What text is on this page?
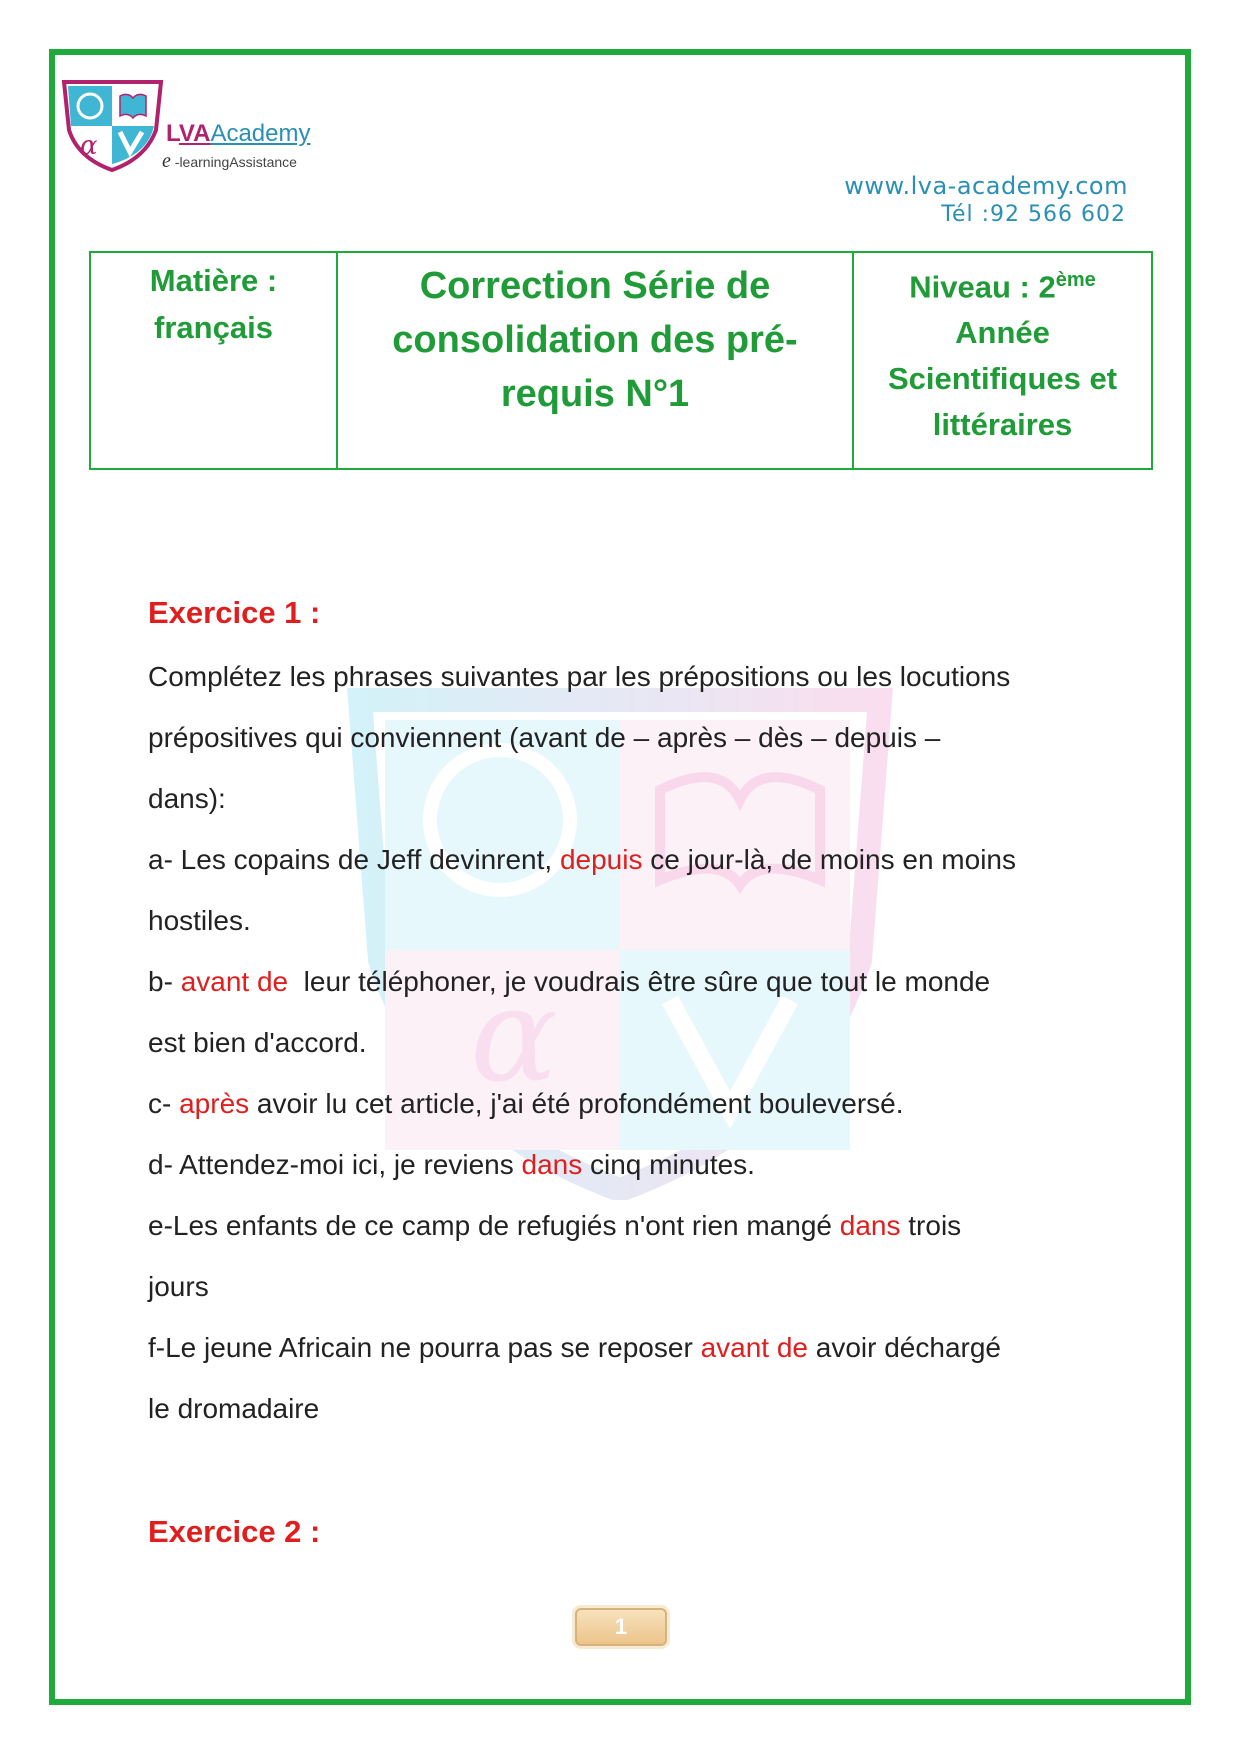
α
α	LVAAcademy
e -learningAssistance
www.lva-academy.com
Tél :92 566 602
Matière :
français
Correction Série de
consolidation des pré-
requis N°1
Niveau : 2ème
Année
Scientifiques et
littéraires
Exercice 1 :
Complétez les phrases suivantes par les prépositions ou les locutions
prépositives qui conviennent (avant de – après – dès – depuis –
dans):
a- Les copains de Jeff devinrent, depuis ce jour-là, de moins en moins
hostiles.
b- avant de  leur téléphoner, je voudrais être sûre que tout le monde
est bien d'accord.
c- après avoir lu cet article, j'ai été profondément bouleversé.
d- Attendez-moi ici, je reviens dans cinq minutes.
e-Les enfants de ce camp de refugiés n'ont rien mangé dans trois
jours
f-Le jeune Africain ne pourra pas se reposer avant de avoir déchargé
le dromadaire
Exercice 2 :
1
